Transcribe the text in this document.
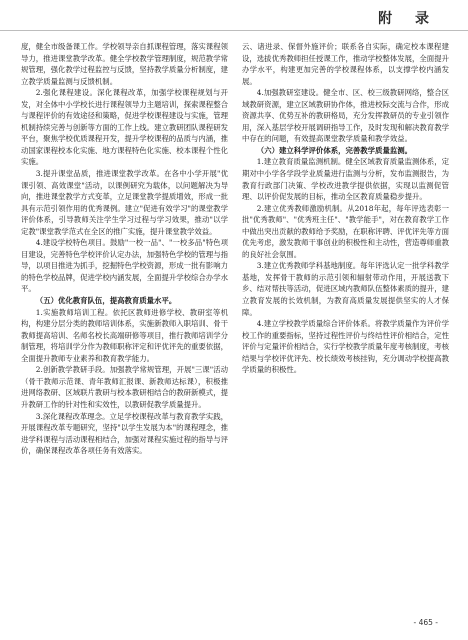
附 录

度，健全市级备课工作。学校领导亲自抓课程管理，落实课程领导力，推进课堂教学改革。健全学校教学管理制度，规范教学常规管理，强化教学过程监控与反馈，坚持教学质量分析制度，建立教学质量监测与反馈机制。

2.强化课程建设。深化课程改革，加强学校课程规划与开发，对全体中小学校长进行课程领导力主题培训，探索课程整合与课程评价的有效途径和策略，促进学校课程建设与实施，管理机制持续完善与创新等方面的工作上线。建立教研团队课程研发平台，聚焦学校优质课程开发，提升学校课程的品质与内涵，推动国家课程校本化实施、地方课程特色化实施、校本课程个性化实施。

3.提升课堂品质，推进课堂教学改革。在各中小学开展"优课引领、高效课堂"活动，以课例研究为载体，以问题解决为导向，推进课堂教学方式变革，立足课堂教学提质增效，形成一批具有示范引领作用的优秀课例。建立"促进有效学习"的课堂教学评价体系，引导教师关注学生学习过程与学习效果，推动"以学定教"课堂教学范式在全区的推广实施，提升课堂教学效益。

4.建设学校特色项目。鼓励"一校一品"、"一校多品"特色项目建设，完善特色学校评价认定办法，加强特色学校的管理与指导，以项目推进为抓手，挖掘特色学校资源，形成一批有影响力的特色学校品牌，促进学校内涵发展，全面提升学校综合办学水平。

（五）优化教育队伍，提高教育质量水平。

1.实施教师培训工程。依托区教师进修学校、教研室等机构，构建分层分类的教师培训体系，实施新教师入职培训、骨干教师提高培训、名师名校长高端研修等项目，推行教师培训学分制管理，将培训学分作为教师职称评定和评优评先的重要依据，全面提升教师专业素养和教育教学能力。

2.创新教学教研手段。加强教学常规管理，开展"三课"活动（骨干教师示范课、青年教师汇报课、新教师达标课），积极推进网络教研、区域联片教研与校本教研相结合的教研新模式，提升教研工作的针对性和实效性，以教研促教学质量提升。

3.深化课程改革理念。立足学校课程改革与教育教学实践，开展课程改革专题研究，坚持"以学生发展为本"的课程理念，推进学科课程与活动课程相结合，加强对课程实施过程的指导与评价，确保课程改革各项任务有效落实。

云、诸进录、保督外施评价；联系各自实际，确定校本课程建设，选拔优秀教师担任授课工作，推动学校整体发展，全面提升办学水平，构建更加完善的学校课程体系，以支撑学校内涵发展。

4.加强教研室建设。健全市、区、校三级教研网络，整合区域教研资源，建立区域教研协作体，推进校际交流与合作，形成资源共享、优势互补的教研格局，充分发挥教研员的专业引领作用，深入基层学校开展调研指导工作，及时发现和解决教育教学中存在的问题，有效提高课堂教学质量和教学效益。

（六）建立科学评价体系，完善教学质量监测。

1.建立教育质量监测机制。健全区域教育质量监测体系，定期对中小学各学段学业质量进行监测与分析，发布监测报告，为教育行政部门决策、学校改进教学提供依据，实现以监测促管理、以评价促发展的目标，推动全区教育质量稳步提升。

2.建立优秀教师激励机制。从2018年起，每年评选表彰一批"优秀教师"、"优秀班主任"、"教学能手"，对在教育教学工作中做出突出贡献的教师给予奖励，在职称评聘、评优评先等方面优先考虑，激发教师干事创业的积极性和主动性，营造尊师重教的良好社会氛围。

3.建立优秀教师学科基地制度。每年评选认定一批学科教学基地，发挥骨干教师的示范引领和辐射带动作用，开展送教下乡、结对帮扶等活动，促进区域内教师队伍整体素质的提升，建立教育发展的长效机制，为教育高质量发展提供坚实的人才保障。

4.建立学校教学质量综合评价体系。将教学质量作为评价学校工作的重要指标，坚持过程性评价与终结性评价相结合，定性评价与定量评价相结合，实行学校教学质量年度考核制度，考核结果与学校评优评先、校长绩效考核挂钩，充分调动学校提高教学质量的积极性。

- 465 -
